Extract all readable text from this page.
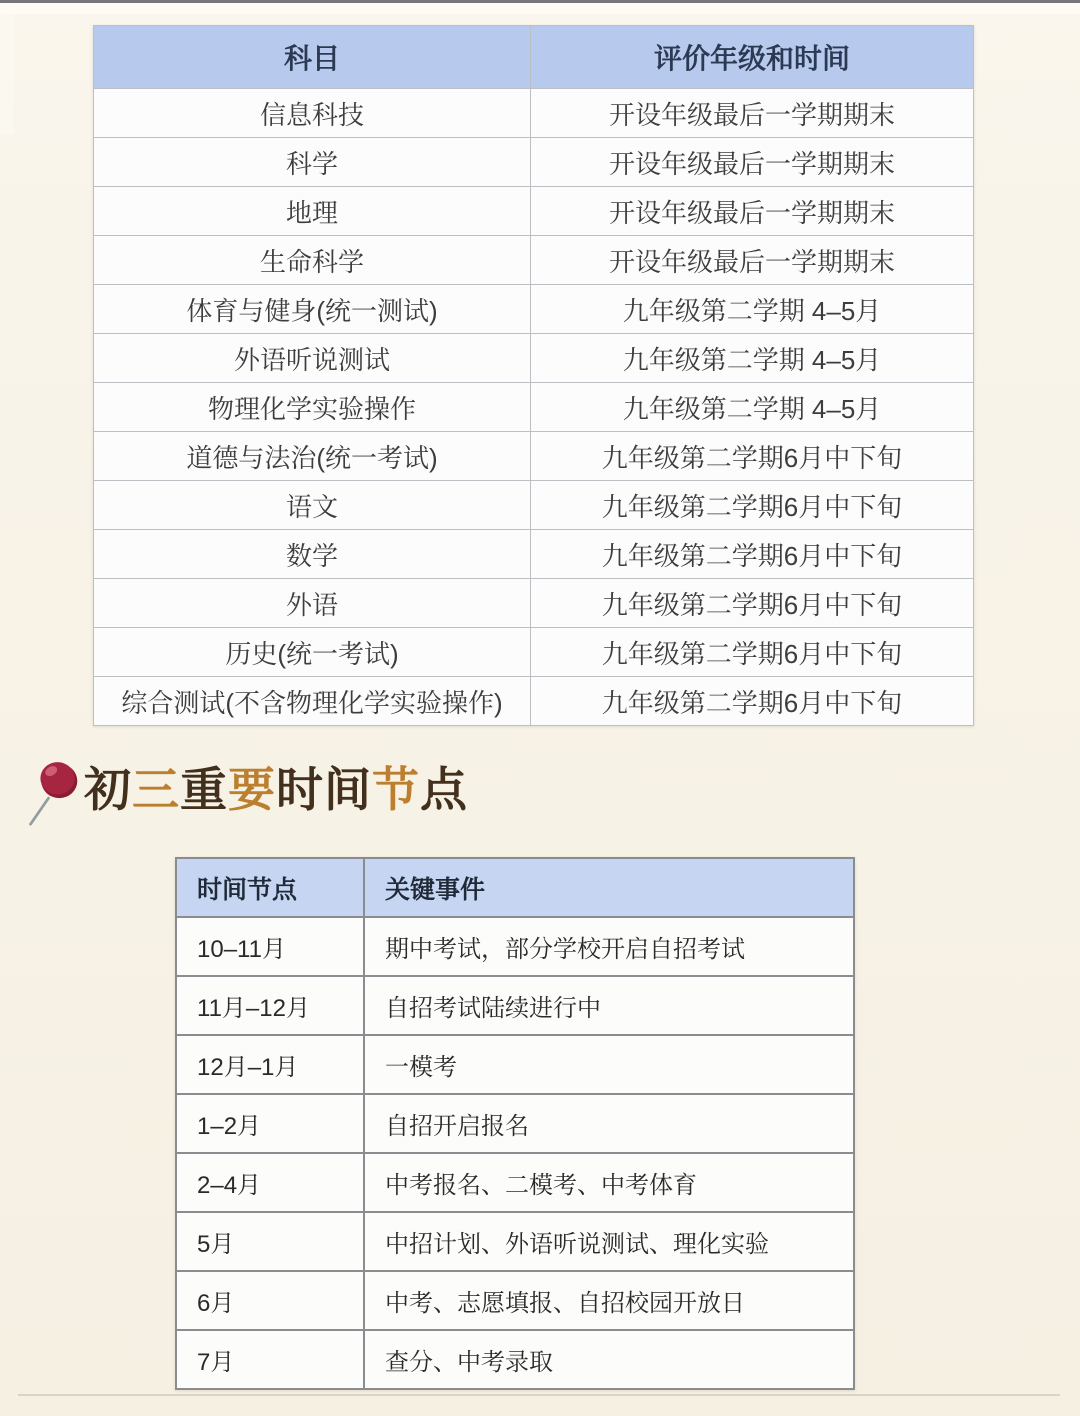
科目	评价年级和时间
信息科技	开设年级最后一学期期末
科学	开设年级最后一学期期末
地理	开设年级最后一学期期末
生命科学	开设年级最后一学期期末
体育与健身(统一测试)	九年级第二学期 4–5月
外语听说测试	九年级第二学期 4–5月
物理化学实验操作	九年级第二学期 4–5月
道德与法治(统一考试)	九年级第二学期6月中下旬
语文	九年级第二学期6月中下旬
数学	九年级第二学期6月中下旬
外语	九年级第二学期6月中下旬
历史(统一考试)	九年级第二学期6月中下旬
综合测试(不含物理化学实验操作)	九年级第二学期6月中下旬
初三重要时间节点
时间节点	关键事件
10–11月	期中考试，部分学校开启自招考试
11月–12月	自招考试陆续进行中
12月–1月	一模考
1–2月	自招开启报名
2–4月	中考报名、二模考、中考体育
5月	中招计划、外语听说测试、理化实验
6月	中考、志愿填报、自招校园开放日
7月	查分、中考录取
